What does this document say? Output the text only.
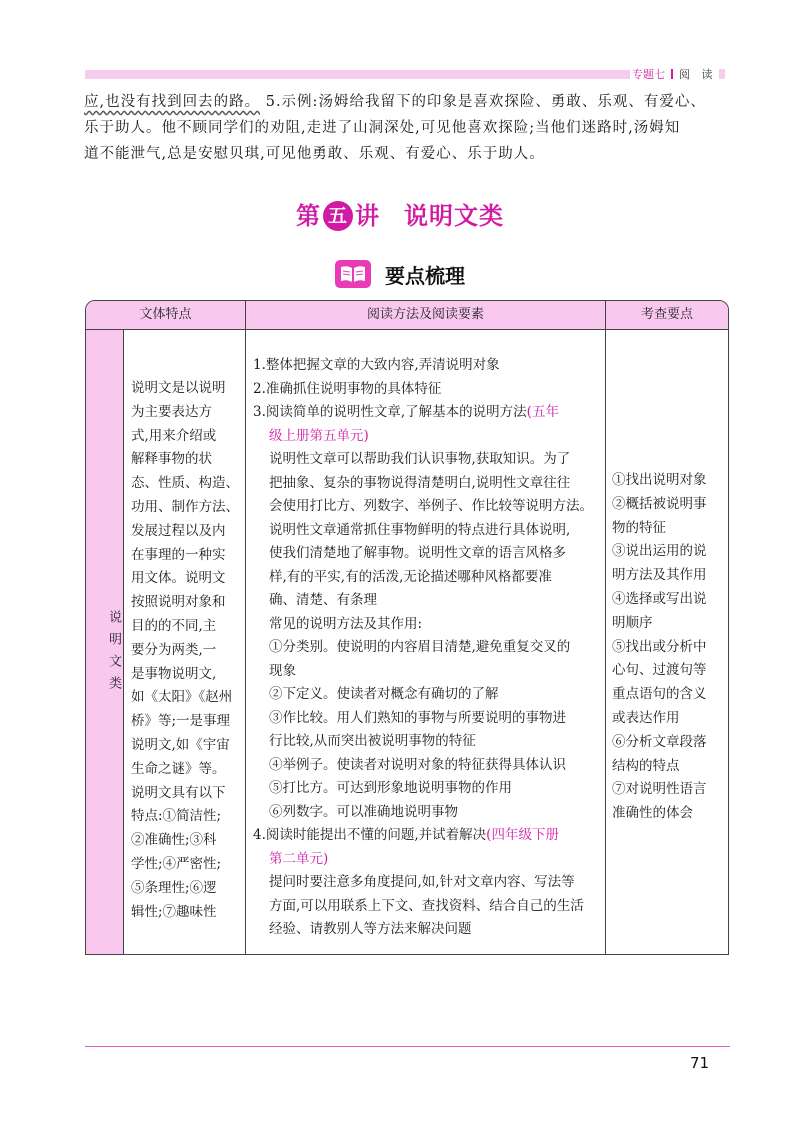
专题七 阅 读
应,也没有找到回去的路。 5.示例:汤姆给我留下的印象是喜欢探险、勇敢、乐观、有爱心、
乐于助人。他不顾同学们的劝阻,走进了山洞深处,可见他喜欢探险;当他们迷路时,汤姆知
道不能泄气,总是安慰贝琪,可见他勇敢、乐观、有爱心、乐于助人。
第 五 讲 说明文类
要点梳理
文体特点	阅读方法及阅读要素	考查要点
说明文类
说明文是以说明
为主要表达方
式,用来介绍或
解释事物的状
态、性质、构造、
功用、制作方法、
发展过程以及内
在事理的一种实
用文体。说明文
按照说明对象和
目的的不同,主
要分为两类,一
是事物说明文,
如《太阳》《赵州
桥》等;一是事理
说明文,如《宇宙
生命之谜》等。
说明文具有以下
特点:①简洁性;
②准确性;③科
学性;④严密性;
⑤条理性;⑥逻
辑性;⑦趣味性
1.整体把握文章的大致内容,弄清说明对象
2.准确抓住说明事物的具体特征
3.阅读简单的说明性文章,了解基本的说明方法(五年
级上册第五单元)
说明性文章可以帮助我们认识事物,获取知识。为了
把抽象、复杂的事物说得清楚明白,说明性文章往往
会使用打比方、列数字、举例子、作比较等说明方法。
说明性文章通常抓住事物鲜明的特点进行具体说明,
使我们清楚地了解事物。说明性文章的语言风格多
样,有的平实,有的活泼,无论描述哪种风格都要准
确、清楚、有条理
常见的说明方法及其作用:
①分类别。使说明的内容眉目清楚,避免重复交叉的
现象
②下定义。使读者对概念有确切的了解
③作比较。用人们熟知的事物与所要说明的事物进
行比较,从而突出被说明事物的特征
④举例子。使读者对说明对象的特征获得具体认识
⑤打比方。可达到形象地说明事物的作用
⑥列数字。可以准确地说明事物
4.阅读时能提出不懂的问题,并试着解决(四年级下册
第二单元)
提问时要注意多角度提问,如,针对文章内容、写法等
方面,可以用联系上下文、查找资料、结合自己的生活
经验、请教别人等方法来解决问题
①找出说明对象
②概括被说明事
物的特征
③说出运用的说
明方法及其作用
④选择或写出说
明顺序
⑤找出或分析中
心句、过渡句等
重点语句的含义
或表达作用
⑥分析文章段落
结构的特点
⑦对说明性语言
准确性的体会
71
